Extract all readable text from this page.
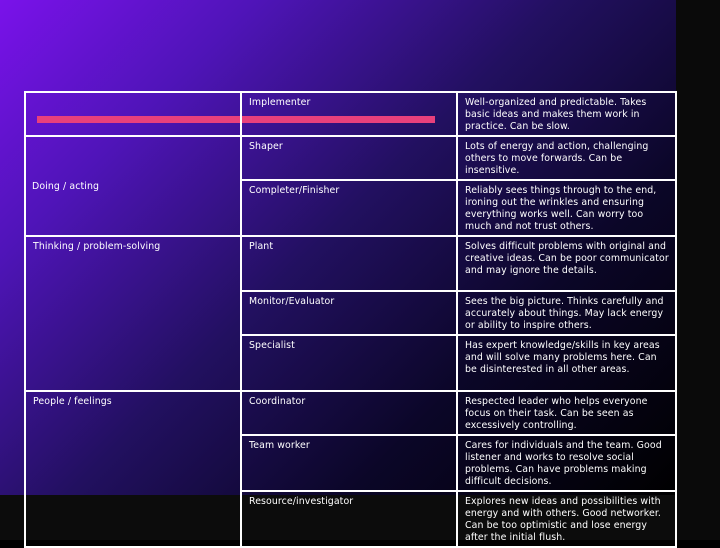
	Implementer	Well-organized and predictable. Takes basic ideas and makes them work in practice. Can be slow.
Doing / acting	Shaper	Lots of energy and action, challenging others to move forwards. Can be insensitive.
	Completer/Finisher	Reliably sees things through to the end, ironing out the wrinkles and ensuring everything works well. Can worry too much and not trust others.
Thinking / problem-solving	Plant	Solves difficult problems with original and creative ideas. Can be poor communicator and may ignore the details.
	Monitor/Evaluator	Sees the big picture. Thinks carefully and accurately about things. May lack energy or ability to inspire others.
	Specialist	Has expert knowledge/skills in key areas and will solve many problems here. Can be disinterested in all other areas.
People / feelings	Coordinator	Respected leader who helps everyone focus on their task. Can be seen as excessively controlling.
	Team worker	Cares for individuals and the team. Good listener and works to resolve social problems. Can have problems making difficult decisions.
	Resource/investigator	Explores new ideas and possibilities with energy and with others. Good networker. Can be too optimistic and lose energy after the initial flush.
